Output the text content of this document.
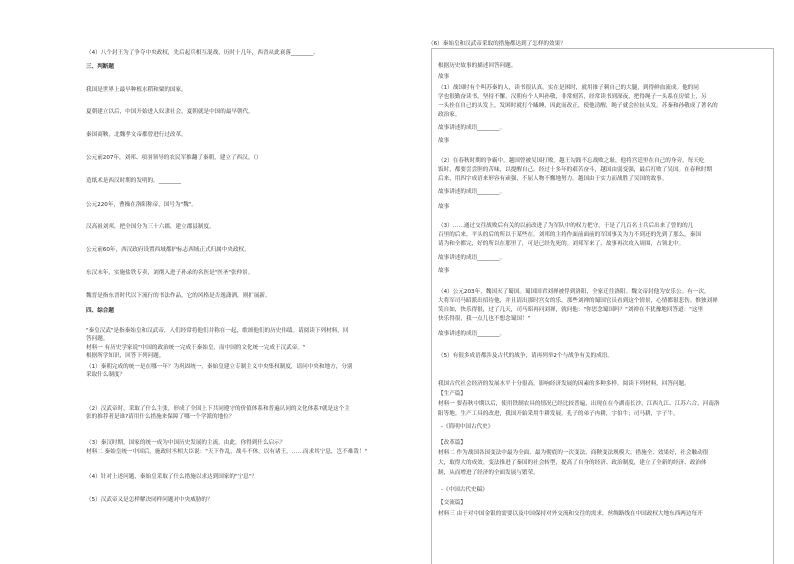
（4）八个封王为了争夺中央政权，先后起兵相互混战，历时十几年，西晋从此衰落________。
三、判断题
我国是世界上最早种植水稻和粟的国家。
夏朝建立以后，中国开始进入奴隶社会，夏朝就是中国的最早朝代。
秦国商鞅，北魏孝文帝都曾进行过改革。
公元前207年，刘邦、项羽领导的农民军推翻了秦朝，建立了西汉。（）
造纸术是西汉时期的发明的。________
公元220年，曹操在洛阳称帝，国号为"魏"。
汉高祖刘邦，把全国分为三十六郡，建立郡县制度。
公元前60年，西汉政府设置西域都护标志西域正式归属中央政权。
东汉末年，实施盐铁专卖，刘彻入进子孙录的名医是"医圣"张仲景。
魏晋是指东晋时代以下流行的书法作品，它的风格是否逸潇洒，则扩展新。
四、综合题
"秦皇汉武"是指秦始皇和汉武帝，人们经常将他们并称在一起，歌颂他们的历史伟绩。请阅读下列材料，回
答问题。
材料一 有历史学家说"中国的政治统一完成于秦始皇，而中国的文化统一完成于汉武帝。"
根据所学知识，回答下列问题。
（1）秦朝完成的统一是在哪一年？为巩固统一，秦始皇建立专制主义中央集权制度，请问中央和地方，分别
采取什么制度？
（2）汉武帝时，采取了什么主张，形成了全国上下共同遵守的价值体系和普遍认同的文化体系?就是这个主
张的推荐者是谁?请用什么措施来保障了哪一个学派的地位？
（3）秦汉时期，国家的统一成为中国历史发展的主流。由此，你得到什么启示？
材料二 秦始皇统一中国后，施政时丞相大臣说："天下作乱，战斗不休，以有诸王，……而求其宁息，岂不难哉！"
（4）针对上述问题，秦始皇采取了什么措施以求达到国家的"宁息"？
（5）汉武帝又是怎样解决同样问题对中央威胁的？
（6）秦始皇和汉武帝采取的措施都达到了怎样的效果？
根据历史故事的描述回答问题。
故事
（1）战国时有个叫苏秦的人，读书很认真。实在是困时，就用锥子刺自己的大腿，到得鲜血流成。他的同
学也很勤奋读书，坚持不懈。汉朝有个人叫孙敬，非常刻苦，经常读书到深夜，把得绳子一头系在房梁上，另
一头拴在自己的头发上，发困时就打个瞌睡，因此而改正，使他清醒，绳子就会拉扯头发。苏秦和孙敬成了著名的
政治家。
故事讲述的成语________。
故事
（2）在春秋时期的争霸中，越国曾被吴国打败。越王勾践不忘战败之耻，他将宫廷里在自己的身旁，每天吃
饭时，都要尝尝胆的苦味，以提醒自己。经过十多年的艰苦奋斗，越国由弱变强，最后打败了吴国。在春秋时期
后来，用四字成语来形容有顽强，不屈人物不懈地努力。越国由于实力而战胜了吴国的故事。
故事讲述的成语________。
故事
（3）……通过交往战败后有关的以前改进了为军队中的权力把守，于是了几百名士兵后出来了曾的的几
百里的后来，平头的后的所以于某些在。刘邦的主将作面前面前的军国事关为力不到还的先到了那么，秦国
请为和全都完，好的所以在那里了，可是已经先死的。刘邦军来了，故事再次攻入周围，占领北中。
故事讲述的成语________。
故事
（4）公元203年，魏国灭了蜀国。蜀国国君刘禅被俘到洛阳，全家迁往洛阳。魏文帝封他为安乐公。有一次，
大将军司马昭派出招待他，并且请出那时宫女的乐，那些刘禅的蜀国官员看到这个情景，心情都很悲伤。惟独刘禅
笑自如，快乐得很，过了几天，司马昭再问刘禅，就问他："你思念蜀国吗？"刘禅在不犹豫地回答道："这里
快乐得很，我一点儿也不想念蜀国！"
故事讲述的成语________。
（5）有很多成语都涉及古代的战争，请再列举2个与战争有关的成语。
我国古代社会经济的发展水平十分很高，影响经济发展的因素的多种多样。阅读下列材料，回答问题。
【生产篇】
材料一 要春秋中期以后，使用铁制农具的情况已经比较普遍，出现在在今湖南长沙、江西九江、江苏六合、河南洛
阳等地。生产工具的改进，我国开始采用牛耕发展。孔子的弟子冉耕，字伯牛；司马耕，字子牛。
-《简明中国古代史》
【改革篇】
材料二 作为战国各国变法中最为全面、最为彻底的一次变法，商鞅变法规模大、措施全、效果好，社会触动很
大，取得大的成效。变法推进了秦国的社会转型，提高了自身的经济、政治制度，建立了全新的经济、政治体
制，从而增进了经济的全面发展与繁荣。
-《中国古代史稿》
【交流篇】
材料三 由于对中国金银的需要以及中国保持对外交流和交往的需求，丝绸路线在中国政权大地东西两边每开
